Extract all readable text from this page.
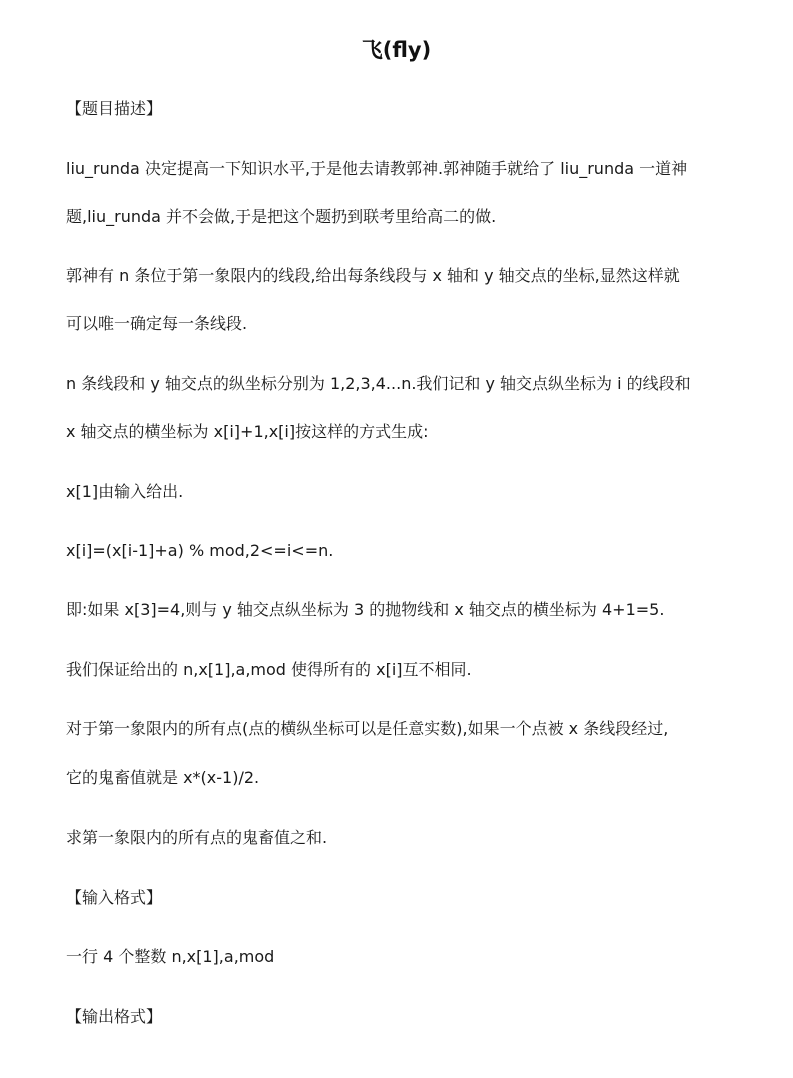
飞(fly)
【题目描述】
liu_runda 决定提高一下知识水平,于是他去请教郭神.郭神随手就给了 liu_runda 一道神
题,liu_runda 并不会做,于是把这个题扔到联考里给高二的做.
郭神有 n 条位于第一象限内的线段,给出每条线段与 x 轴和 y 轴交点的坐标,显然这样就
可以唯一确定每一条线段.
n 条线段和 y 轴交点的纵坐标分别为 1,2,3,4...n.我们记和 y 轴交点纵坐标为 i 的线段和
x 轴交点的横坐标为 x[i]+1,x[i]按这样的方式生成:
x[1]由输入给出.
x[i]=(x[i-1]+a) % mod,2<=i<=n.
即:如果 x[3]=4,则与 y 轴交点纵坐标为 3 的抛物线和 x 轴交点的横坐标为 4+1=5.
我们保证给出的 n,x[1],a,mod 使得所有的 x[i]互不相同.
对于第一象限内的所有点(点的横纵坐标可以是任意实数),如果一个点被 x 条线段经过,
它的鬼畜值就是 x*(x-1)/2.
求第一象限内的所有点的鬼畜值之和.
【输入格式】
一行 4 个整数 n,x[1],a,mod
【输出格式】
